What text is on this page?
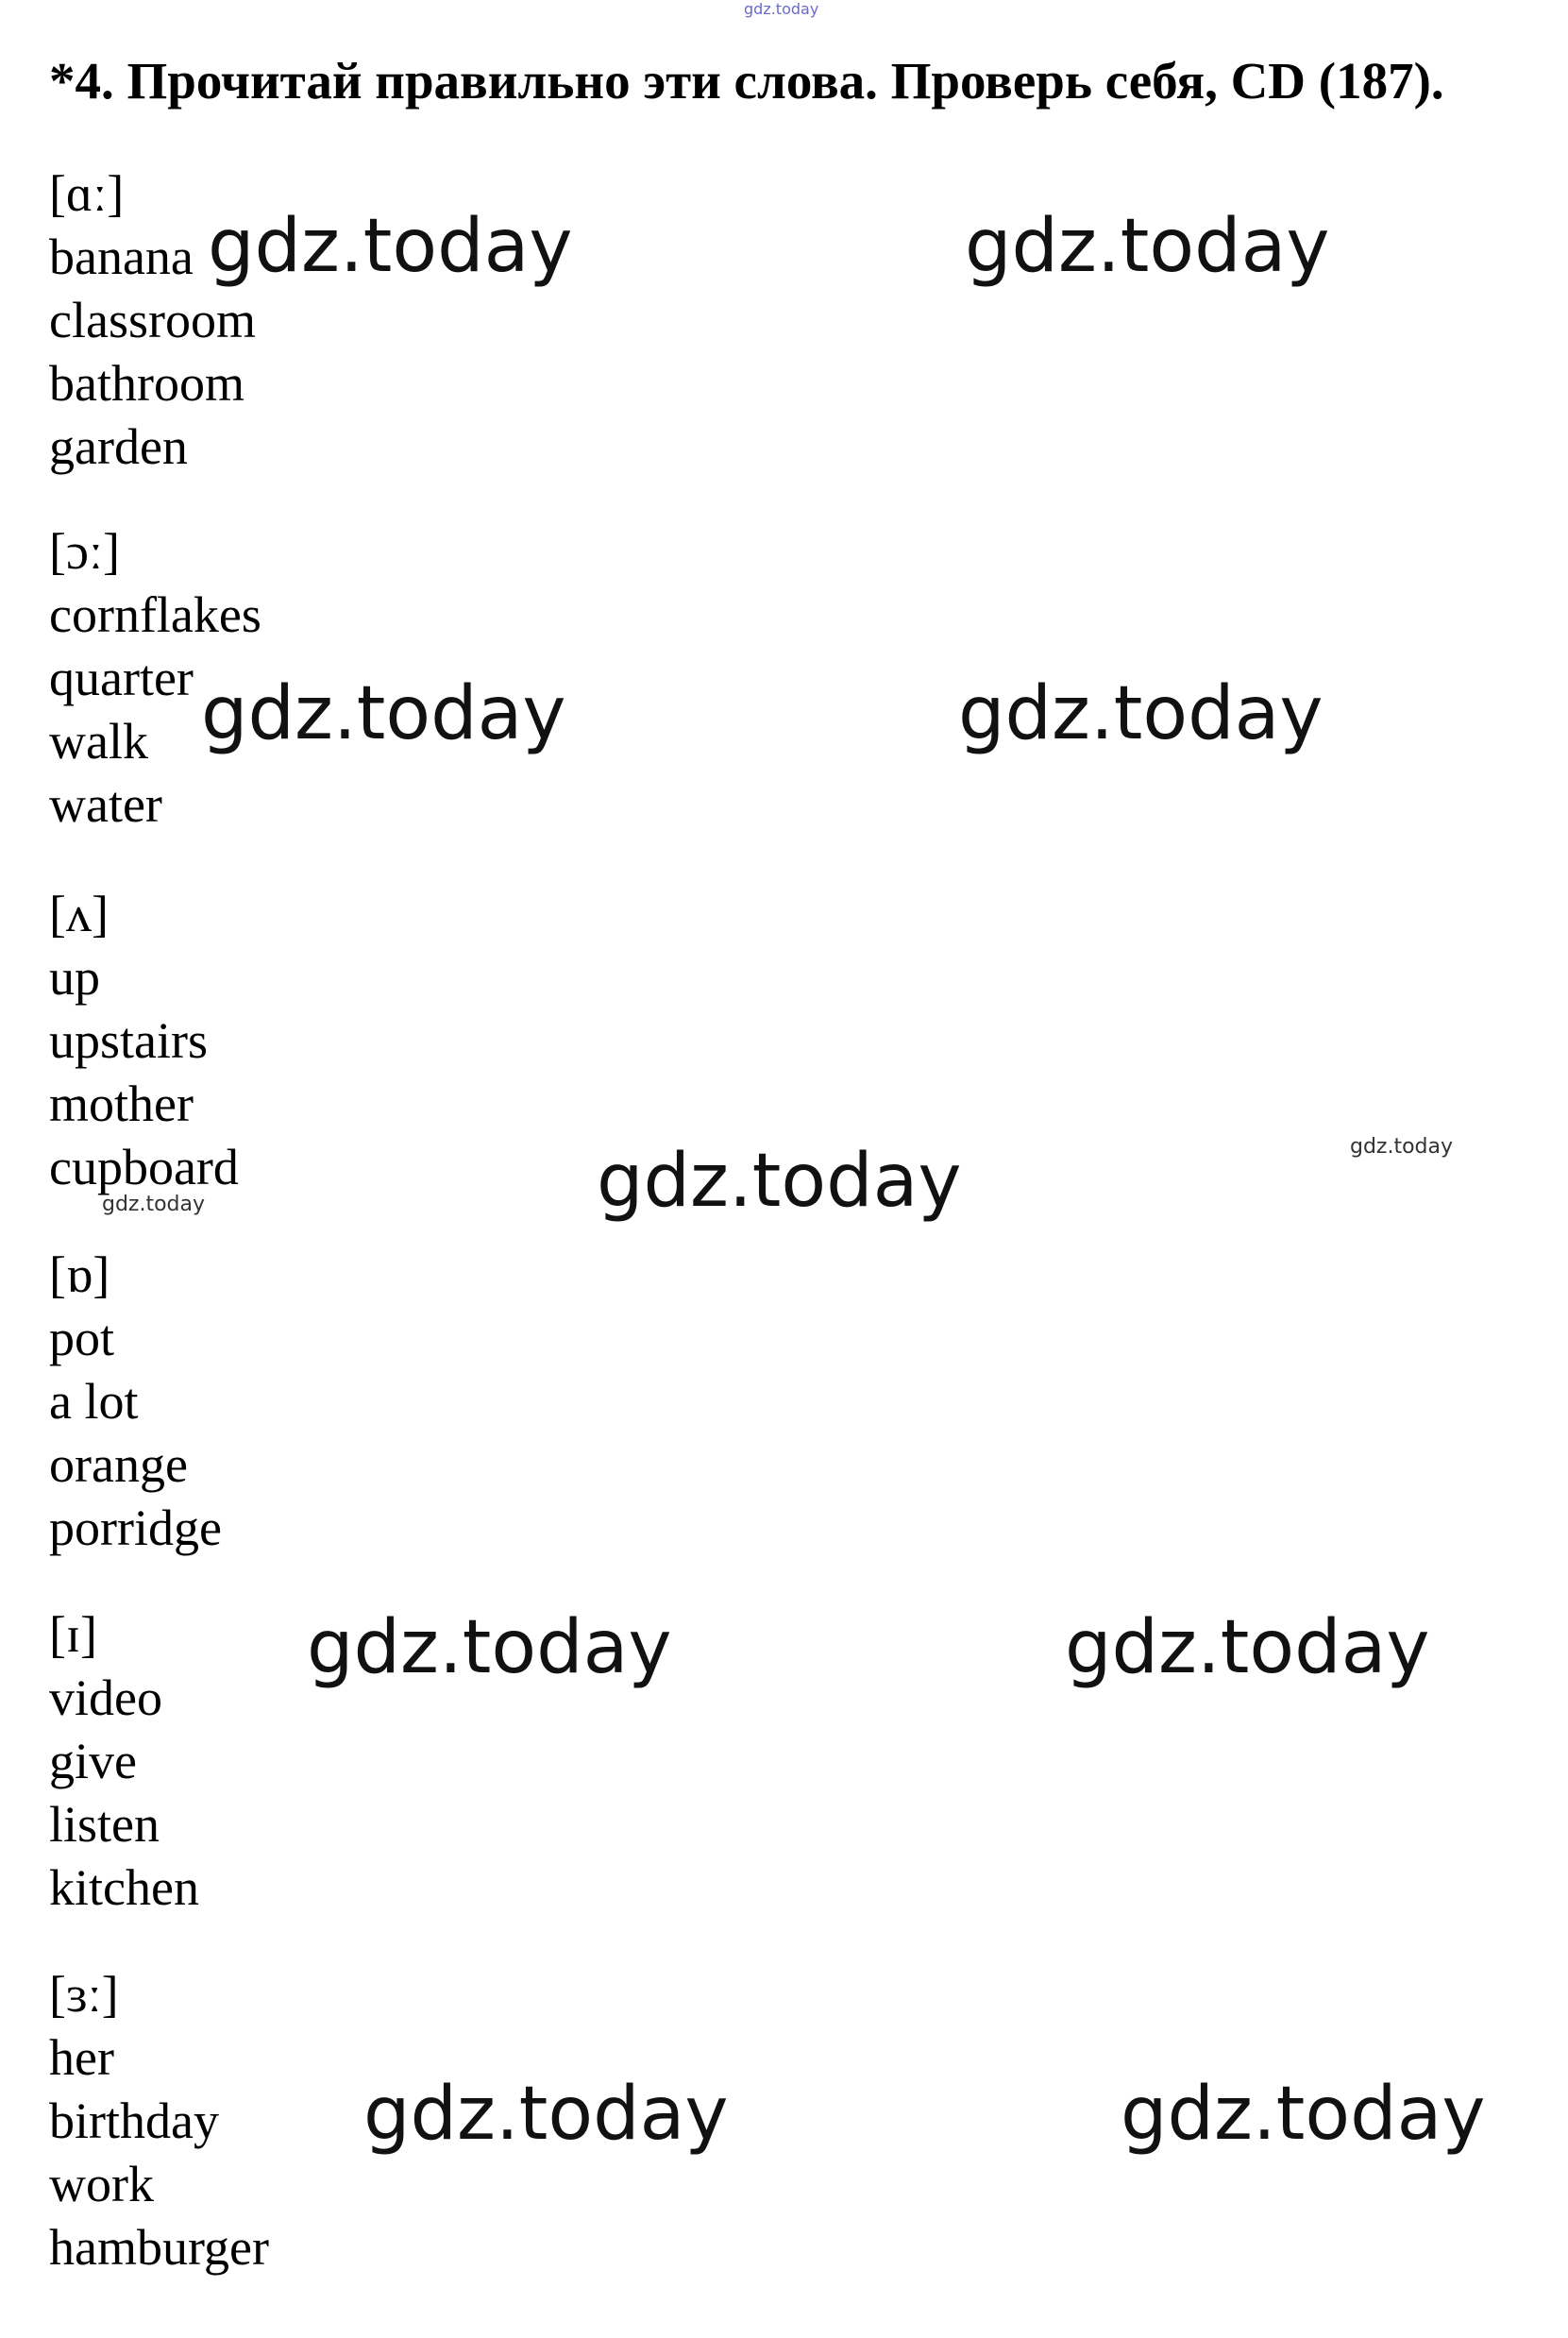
gdz.today
*4. Прочитай правильно эти слова. Проверь себя, CD (187).
[ɑː]
banana
classroom
bathroom
garden
[ɔː]
cornflakes
quarter
walk
water
[ʌ]
up
upstairs
mother
cupboard
[ɒ]
pot
a lot
orange
porridge
[ɪ]
video
give
listen
kitchen
[ɜː]
her
birthday
work
hamburger
gdz.today	gdz.today
gdz.today	gdz.today
gdz.today	gdz.today
gdz.today
gdz.today	gdz.today
gdz.today	gdz.today
